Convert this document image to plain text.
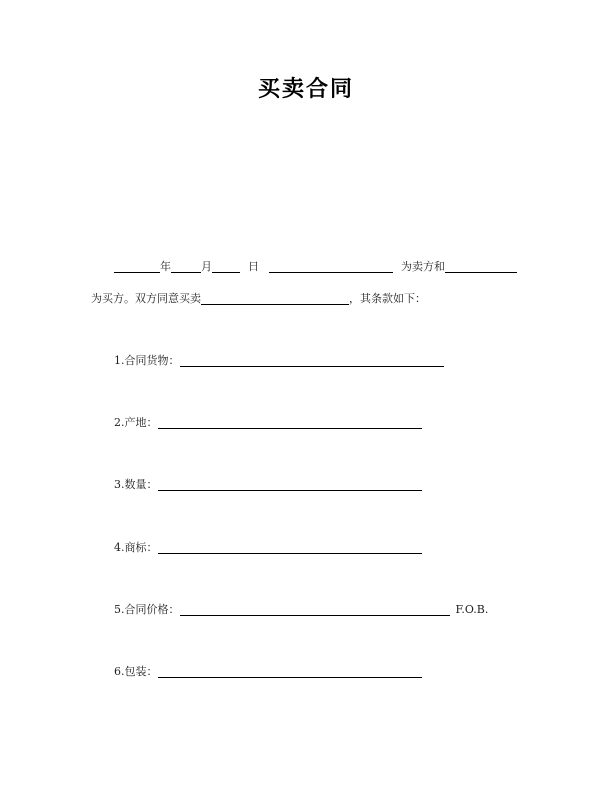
买卖合同
年	月	日	为卖方和
为买方。双方同意买卖	，其条款如下：
1.合同货物：
2.产地：
3.数量：
4.商标：
5.合同价格：	F.O.B.
6.包装：
